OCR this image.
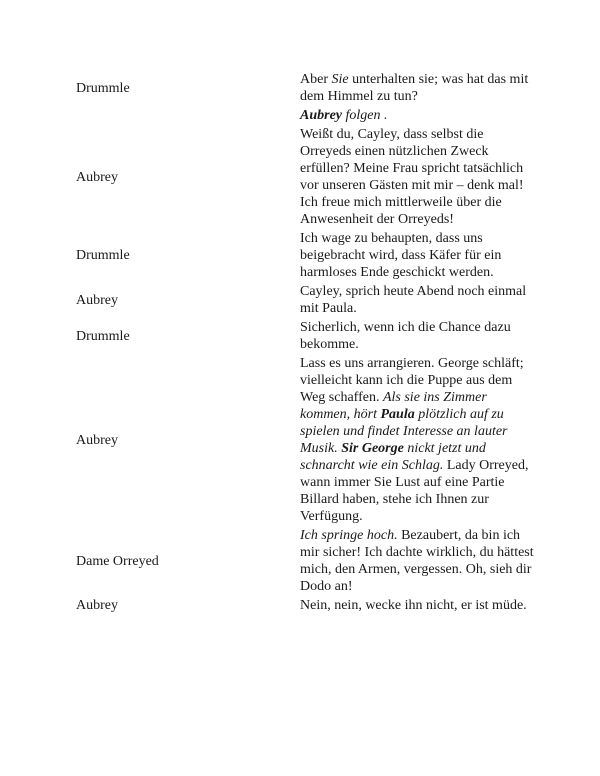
Drummle	Aber Sie unterhalten sie; was hat das mit dem Himmel zu tun?
	Aubrey folgen .
Aubrey	Weißt du, Cayley, dass selbst die Orreyeds einen nützlichen Zweck erfüllen? Meine Frau spricht tatsächlich vor unseren Gästen mit mir – denk mal! Ich freue mich mittlerweile über die Anwesenheit der Orreyeds!
Drummle	Ich wage zu behaupten, dass uns beigebracht wird, dass Käfer für ein harmloses Ende geschickt werden.
Aubrey	Cayley, sprich heute Abend noch einmal mit Paula.
Drummle	Sicherlich, wenn ich die Chance dazu bekomme.
Aubrey	Lass es uns arrangieren. George schläft; vielleicht kann ich die Puppe aus dem Weg schaffen. Als sie ins Zimmer kommen, hört Paula plötzlich auf zu spielen und findet Interesse an lauter Musik. Sir George nickt jetzt und schnarcht wie ein Schlag. Lady Orreyed, wann immer Sie Lust auf eine Partie Billard haben, stehe ich Ihnen zur Verfügung.
Dame Orreyed	Ich springe hoch. Bezaubert, da bin ich mir sicher! Ich dachte wirklich, du hättest mich, den Armen, vergessen. Oh, sieh dir Dodo an!
Aubrey	Nein, nein, wecke ihn nicht, er ist müde.
